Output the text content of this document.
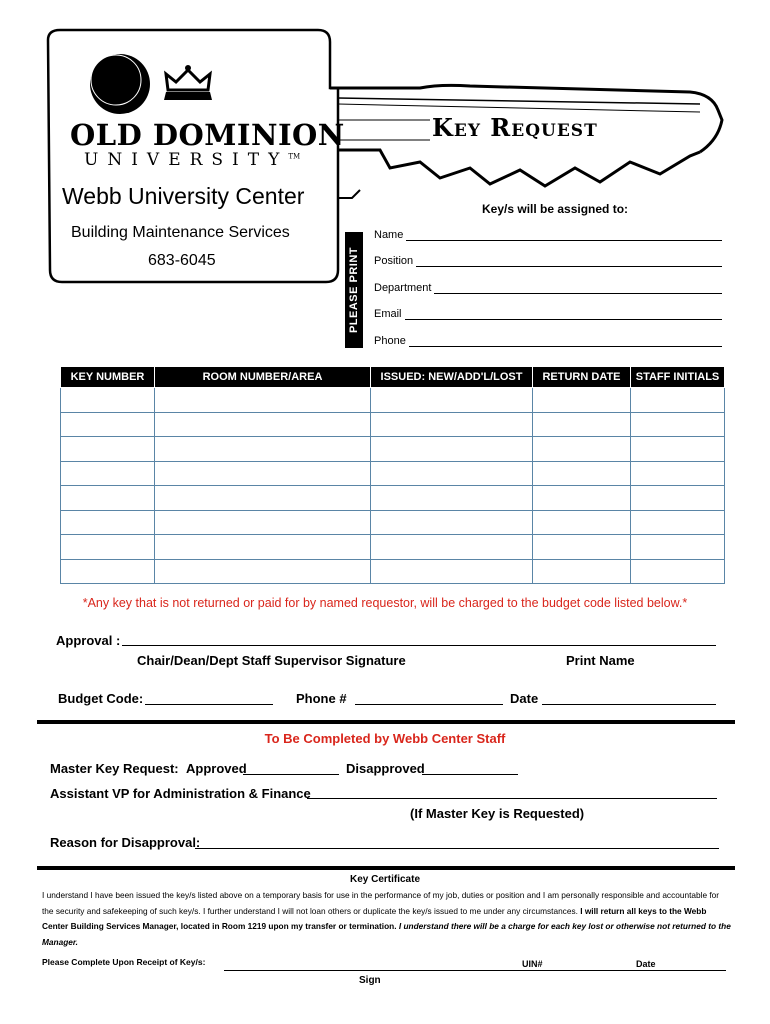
OLD DOMINION
UNIVERSITY™
Webb University Center
Building Maintenance Services
683-6045
Key Request
Key/s will be assigned to:
PLEASE PRINT
Name
Position
Department
Email
Phone
KEY NUMBER	ROOM NUMBER/AREA	ISSUED: NEW/ADD'L/LOST	RETURN DATE	STAFF INITIALS

*Any key that is not returned or paid for by named requestor, will be charged to the budget code listed below.*
Approval :
Chair/Dean/Dept Staff Supervisor Signature	Print Name
Budget Code:	Phone #	Date
To Be Completed by Webb Center Staff
Master Key Request: Approved	Disapproved
Assistant VP for Administration & Finance
(If Master Key is Requested)
Reason for Disapproval:
Key Certificate
I understand I have been issued the key/s listed above on a temporary basis for use in the performance of my job, duties or position and I am personally responsible and accountable for the security and safekeeping of such key/s. I further understand I will not loan others or duplicate the key/s issued to me under any circumstances. I will return all keys to the Webb Center Building Services Manager, located in Room 1219 upon my transfer or termination. I understand there will be a charge for each key lost or otherwise not returned to the Manager.
Please Complete Upon Receipt of Key/s:	UIN#	Date
Sign
